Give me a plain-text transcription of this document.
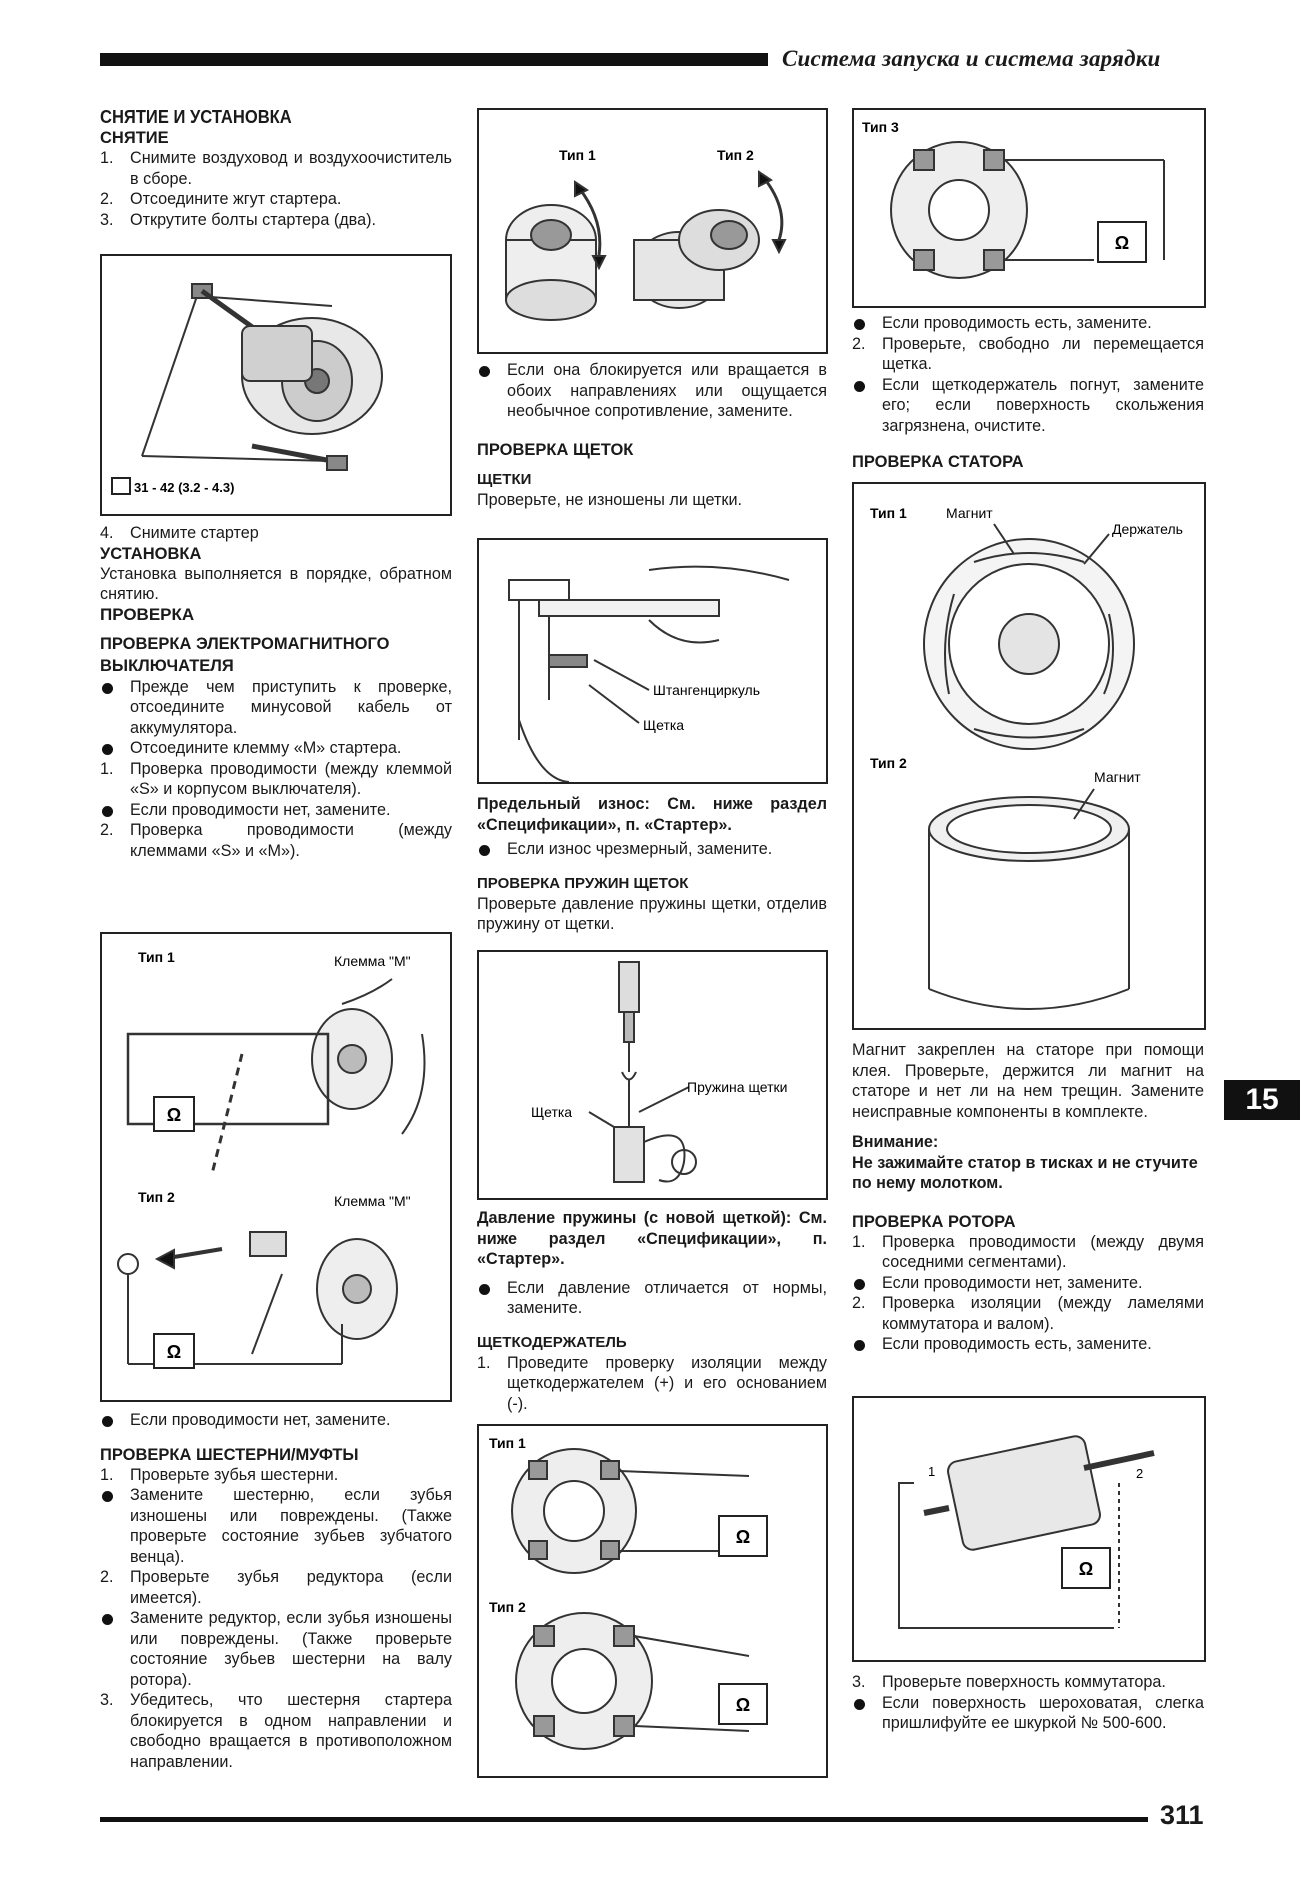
Система запуска и система зарядки

СНЯТИЕ И УСТАНОВКА

СНЯТИЕ

1. Снимите воздуховод и воздухоочиститель в сборе.
2. Отсоедините жгут стартера.
3. Открутите болты стартера (два).
31 - 42 (3.2 - 4.3)
4. Снимите стартер

УСТАНОВКА

Установка выполняется в порядке, обратном снятию.

ПРОВЕРКА

ПРОВЕРКА ЭЛЕКТРОМАГНИТНОГО ВЫКЛЮЧАТЕЛЯ

Прежде чем приступить к проверке, отсоедините минусовой кабель от аккумулятора.
Отсоедините клемму «М» стартера.
1. Проверка проводимости (между клеммой «S» и корпусом выключателя).
Если проводимости нет, замените.
2. Проверка проводимости (между клеммами «S» и «M»).
Тип 1	Клемма "M"
Ω
Тип 2	Клемма "M"
Ω
Если проводимости нет, замените.

ПРОВЕРКА ШЕСТЕРНИ/МУФТЫ

1. Проверьте зубья шестерни.
Замените шестерню, если зубья изношены или повреждены. (Также проверьте состояние зубьев зубчатого венца).
2. Проверьте зубья редуктора (если имеется).
Замените редуктор, если зубья изношены или повреждены. (Также проверьте состояние зубьев шестерни на валу ротора).
3. Убедитесь, что шестерня стартера блокируется в одном направлении и свободно вращается в противоположном направлении.
Тип 1	Тип 2
Если она блокируется или вращается в обоих направлениях или ощущается необычное сопротивление, замените.

ПРОВЕРКА ЩЕТОК

ЩЕТКИ

Проверьте, не изношены ли щетки.

Штангенциркуль
Щетка

Предельный износ: См. ниже раздел «Спецификации», п. «Стартер».

Если износ чрезмерный, замените.

ПРОВЕРКА ПРУЖИН ЩЕТОК

Проверьте давление пружины щетки, отделив пружину от щетки.

Щетка
Пружина щетки

Давление пружины (с новой щеткой): См. ниже раздел «Спецификации», п. «Стартер».

Если давление отличается от нормы, замените.

ЩЕТКОДЕРЖАТЕЛЬ

1. Проведите проверку изоляции между щеткодержателем (+) и его основанием (-).
Тип 1
Ω
Тип 2
Ω
Тип 3
Ω
Если проводимость есть, замените.
2. Проверьте, свободно ли перемещается щетка.
Если щеткодержатель погнут, замените его; если поверхность скольжения загрязнена, очистите.

ПРОВЕРКА СТАТОРА

Тип 1	Магнит
Держатель
Тип 2
Магнит

Магнит закреплен на статоре при помощи клея. Проверьте, держится ли магнит на статоре и нет ли на нем трещин. Замените неисправные компоненты в комплекте.

Внимание:

Не зажимайте статор в тисках и не стучите по нему молотком.

ПРОВЕРКА РОТОРА

1. Проверка проводимости (между двумя соседними сегментами).
Если проводимости нет, замените.
2. Проверка изоляции (между ламелями коммутатора и валом).
Если проводимость есть, замените.
1	2
Ω
3. Проверьте поверхность коммутатора.
Если поверхность шероховатая, слегка пришлифуйте ее шкуркой № 500-600.
15
311
